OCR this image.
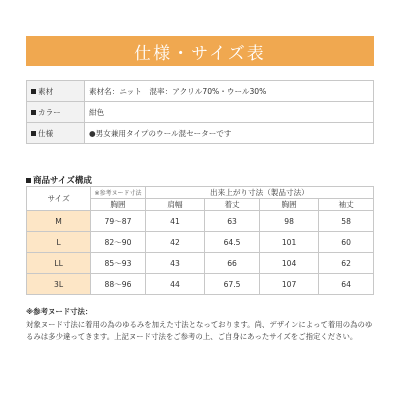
仕様・サイズ表
素材	素材名：ニット　混率：アクリル70%・ウール30%
カラー	紺色
仕様	●男女兼用タイプのウール混セーターです
商品サイズ構成
サイズ	※参考ヌード寸法	出来上がり寸法（製品寸法）			
	胸囲	肩幅	着丈	胸囲	袖丈
M	79〜87	41	63	98	58
L	82〜90	42	64.5	101	60
LL	85〜93	43	66	104	62
3L	88〜96	44	67.5	107	64
※参考ヌード寸法：
対象ヌード寸法に着用の為のゆるみを加えた寸法となっております。尚、デザインによって着用の為のゆるみは多少違ってきます。上記ヌード寸法をご参考の上、ご自身にあったサイズをご指定ください。
